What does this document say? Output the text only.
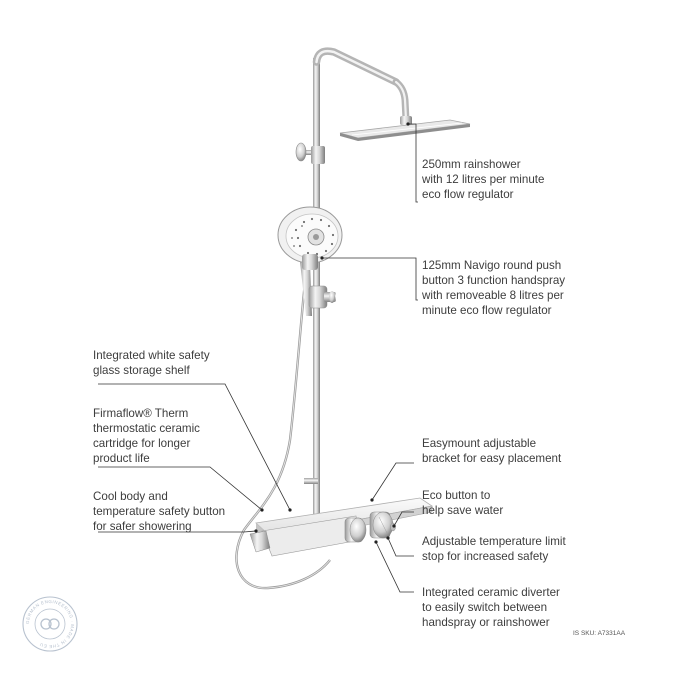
250mm rainshower
with 12 litres per minute
eco flow regulator
125mm Navigo round push
button 3 function handspray
with removeable 8 litres per
minute eco flow regulator
Integrated white safety
glass storage shelf
Firmaflow® Therm
thermostatic ceramic
cartridge for longer
product life
Cool body and
temperature safety button
for safer showering
Easymount adjustable
bracket for easy placement
Eco button to
help save water
Adjustable temperature limit
stop for increased safety
Integrated ceramic diverter
to easily switch between
handspray or rainshower
GERMAN ENGINEERING · MADE IN THE EU
IS SKU: A7331AA
